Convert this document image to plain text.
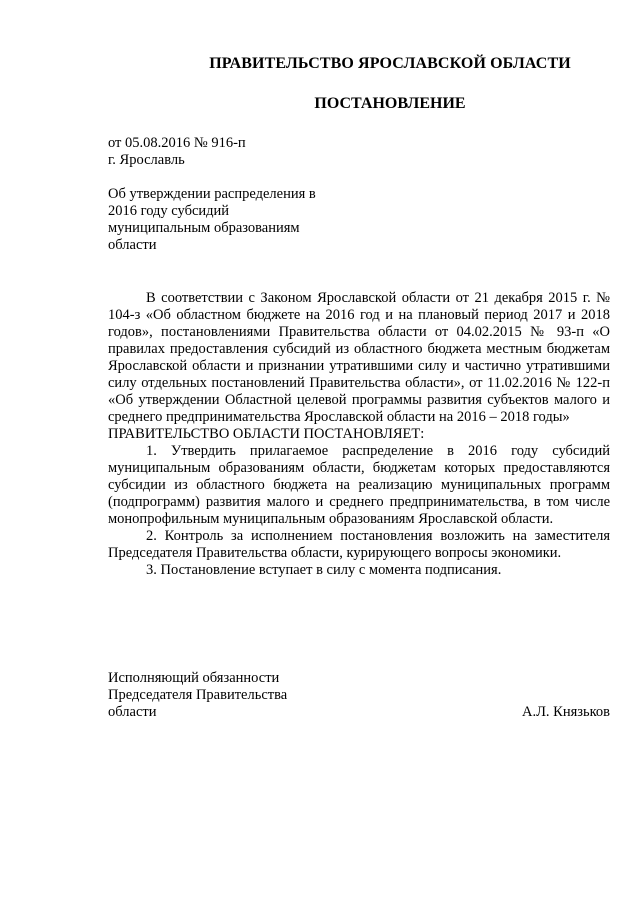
ПРАВИТЕЛЬСТВО ЯРОСЛАВСКОЙ ОБЛАСТИ
ПОСТАНОВЛЕНИЕ
от 05.08.2016 № 916-п
г. Ярославль
Об утверждении распределения в
2016 году субсидий
муниципальным образованиям
области

В соответствии с Законом Ярославской области от 21 декабря 2015 г. № 104-з «Об областном бюджете на 2016 год и на плановый период 2017 и 2018 годов», постановлениями Правительства области от 04.02.2015 № 93-п «О правилах предоставления субсидий из областного бюджета местным бюджетам Ярославской области и признании утратившими силу и частично утратившими силу отдельных постановлений Правительства области», от 11.02.2016 № 122-п «Об утверждении Областной целевой программы развития субъектов малого и среднего предпринимательства Ярославской области на 2016 – 2018 годы»

ПРАВИТЕЛЬСТВО ОБЛАСТИ ПОСТАНОВЛЯЕТ:

1. Утвердить прилагаемое распределение в 2016 году субсидий муниципальным образованиям области, бюджетам которых предоставляются субсидии из областного бюджета на реализацию муниципальных программ (подпрограмм) развития малого и среднего предпринимательства, в том числе монопрофильным муниципальным образованиям Ярославской области.

2. Контроль за исполнением постановления возложить на заместителя Председателя Правительства области, курирующего вопросы экономики.

3. Постановление вступает в силу с момента подписания.

Исполняющий обязанности
Председателя Правительства
области	А.Л. Князьков
